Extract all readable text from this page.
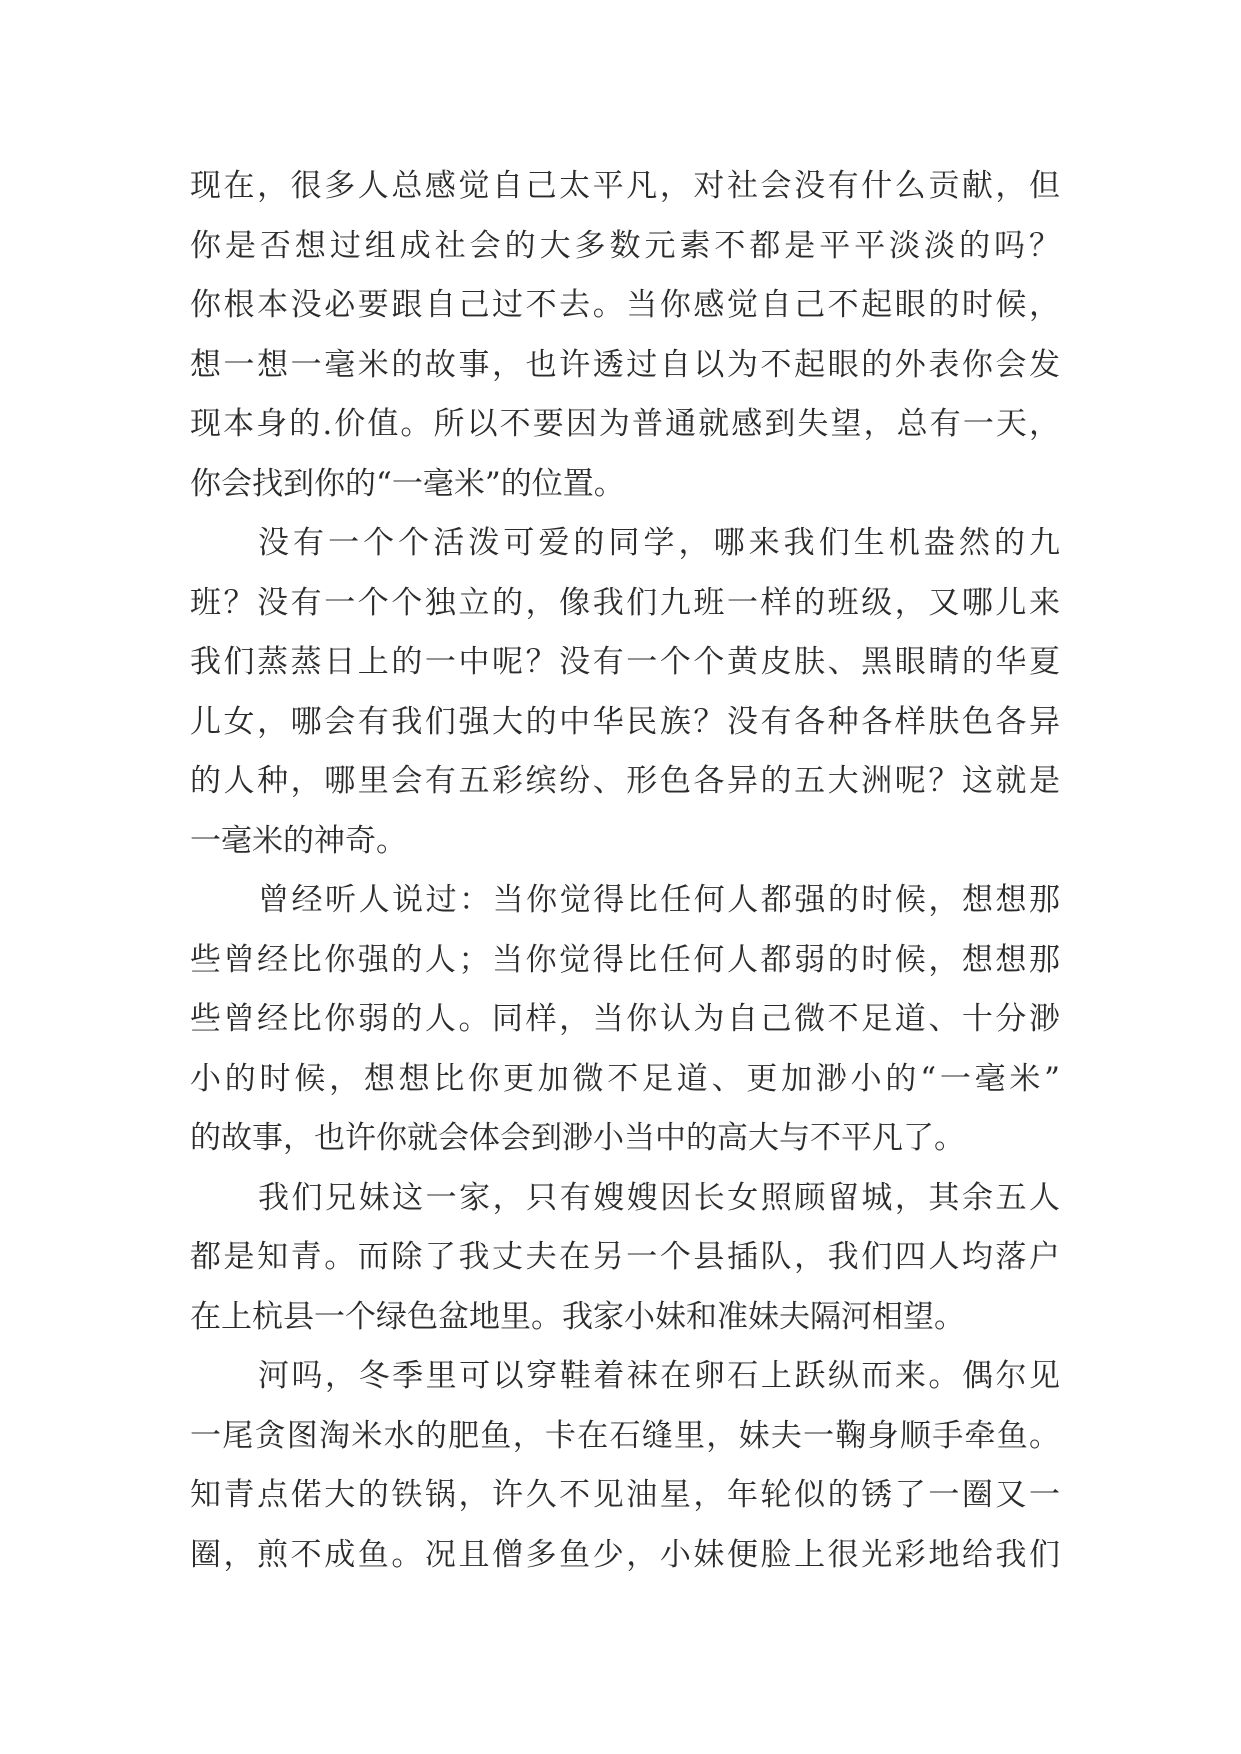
现在，很多人总感觉自己太平凡，对社会没有什么贡献，但
你是否想过组成社会的大多数元素不都是平平淡淡的吗？
你根本没必要跟自己过不去。当你感觉自己不起眼的时候，
想一想一毫米的故事，也许透过自以为不起眼的外表你会发
现本身的.价值。所以不要因为普通就感到失望，总有一天，
你会找到你的“一毫米”的位置。
没有一个个活泼可爱的同学，哪来我们生机盎然的九
班？没有一个个独立的，像我们九班一样的班级，又哪儿来
我们蒸蒸日上的一中呢？没有一个个黄皮肤、黑眼睛的华夏
儿女，哪会有我们强大的中华民族？没有各种各样肤色各异
的人种，哪里会有五彩缤纷、形色各异的五大洲呢？这就是
一毫米的神奇。
曾经听人说过：当你觉得比任何人都强的时候，想想那
些曾经比你强的人；当你觉得比任何人都弱的时候，想想那
些曾经比你弱的人。同样，当你认为自己微不足道、十分渺
小的时候，想想比你更加微不足道、更加渺小的“一毫米”
的故事，也许你就会体会到渺小当中的高大与不平凡了。
我们兄妹这一家，只有嫂嫂因长女照顾留城，其余五人
都是知青。而除了我丈夫在另一个县插队，我们四人均落户
在上杭县一个绿色盆地里。我家小妹和准妹夫隔河相望。
河吗，冬季里可以穿鞋着袜在卵石上跃纵而来。偶尔见
一尾贪图淘米水的肥鱼，卡在石缝里，妹夫一鞠身顺手牵鱼。
知青点偌大的铁锅，许久不见油星，年轮似的锈了一圈又一
圈，煎不成鱼。况且僧多鱼少，小妹便脸上很光彩地给我们
